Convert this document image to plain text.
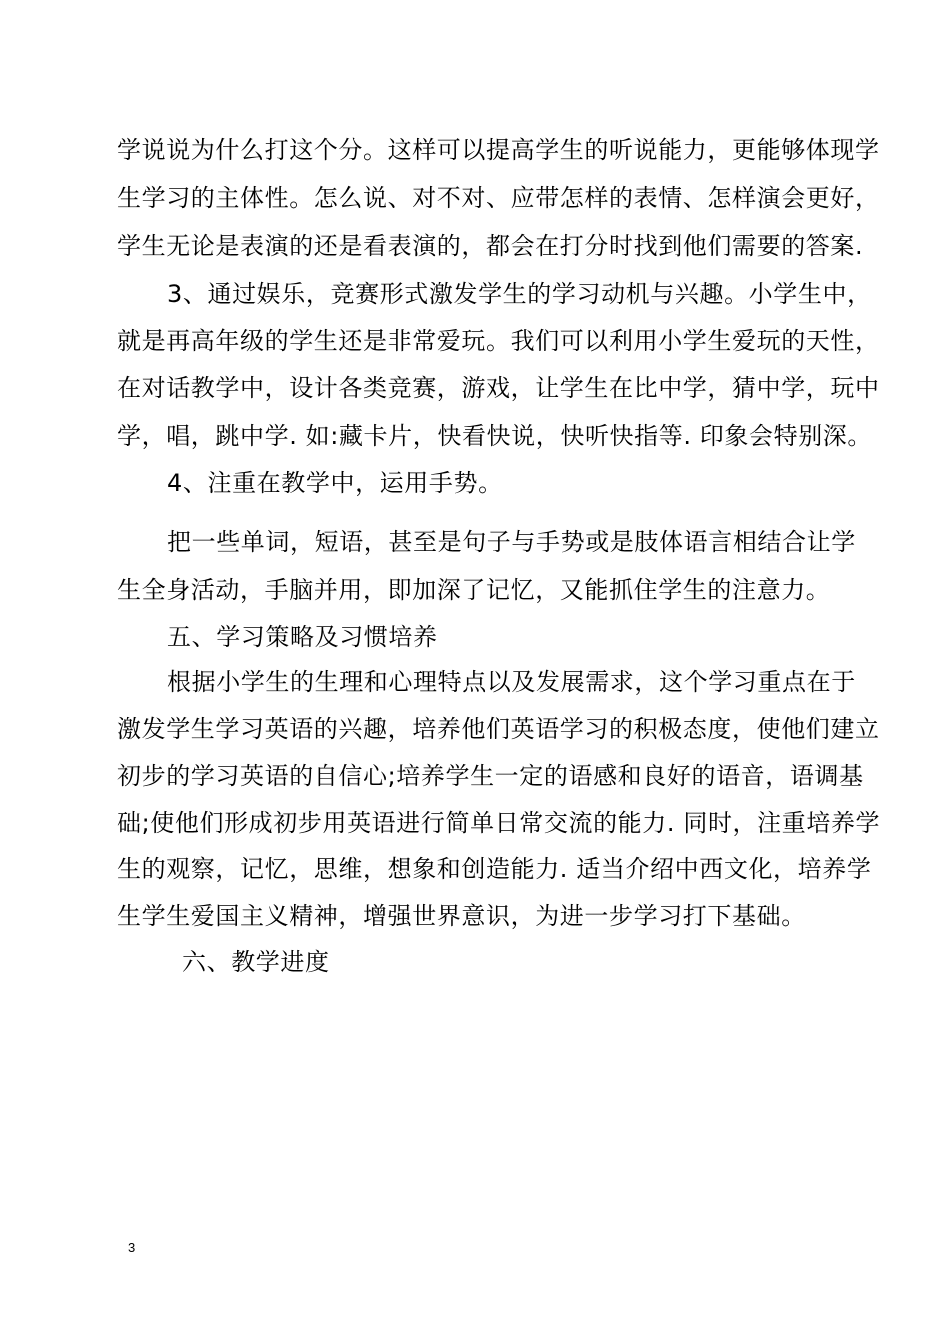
学说说为什么打这个分。这样可以提高学生的听说能力，更能够体现学
生学习的主体性。怎么说、对不对、应带怎样的表情、怎样演会更好，
学生无论是表演的还是看表演的，都会在打分时找到他们需要的答案.
3、通过娱乐，竞赛形式激发学生的学习动机与兴趣。小学生中，
就是再高年级的学生还是非常爱玩。我们可以利用小学生爱玩的天性，
在对话教学中，设计各类竞赛，游戏，让学生在比中学，猜中学，玩中
学，唱，跳中学. 如:藏卡片，快看快说，快听快指等. 印象会特别深。
4、注重在教学中，运用手势。
把一些单词，短语，甚至是句子与手势或是肢体语言相结合让学
生全身活动，手脑并用，即加深了记忆，又能抓住学生的注意力。
五、学习策略及习惯培养
根据小学生的生理和心理特点以及发展需求，这个学习重点在于
激发学生学习英语的兴趣，培养他们英语学习的积极态度，使他们建立
初步的学习英语的自信心;培养学生一定的语感和良好的语音，语调基
础;使他们形成初步用英语进行简单日常交流的能力. 同时，注重培养学
生的观察，记忆，思维，想象和创造能力. 适当介绍中西文化，培养学
生学生爱国主义精神，增强世界意识，为进一步学习打下基础。
六、教学进度
3
